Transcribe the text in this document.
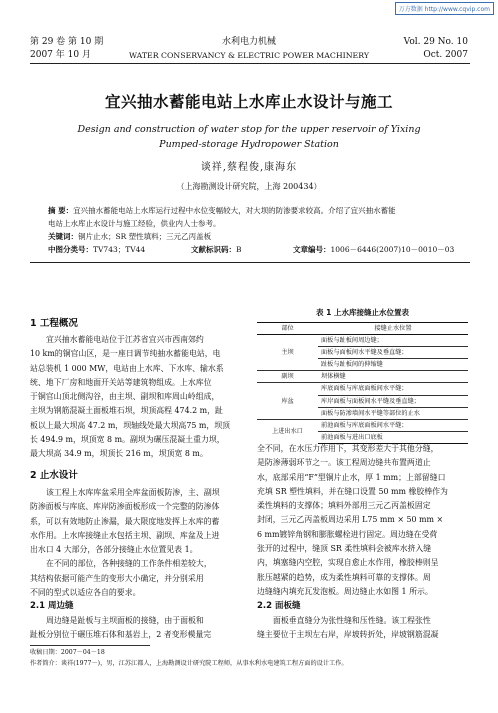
万方数据 http://www.cqvip.com
第 29 卷 第 10 期
2007 年 10 月
水利电力机械
WATER CONSERVANCY & ELECTRIC POWER MACHINERY
Vol. 29 No. 10
Oct. 2007
宜兴抽水蓄能电站上水库止水设计与施工
Design and construction of water stop for the upper reservoir of Yixing
Pumped-storage Hydropower Station
谈祥,蔡程俊,康海东
（上海勘测设计研究院，上海 200434）
摘 要：宜兴抽水蓄能电站上水库运行过程中水位变幅较大，对大坝的防渗要求较高。介绍了宜兴抽水蓄能
电站上水库止水设计与施工经验，供业内人士参考。
关键词：铜片止水；SR 塑性填料；三元乙丙盖板
中图分类号：TV743；TV44	文献标识码：B	文章编号：1006－6446(2007)10－0010－03
1 工程概况

宜兴抽水蓄能电站位于江苏省宜兴市西南郊约

10 km的铜官山区，是一座日调节纯抽水蓄能电站，电

站总装机 1 000 MW，电站由上水库、下水库、输水系

统、地下厂房和地面开关站等建筑物组成。上水库位

于铜官山顶北侧沟谷，由主坝、副坝和库周山岭组成，

主坝为钢筋混凝土面板堆石坝，坝顶高程 474.2 m，趾

板以上最大坝高 47.2 m，坝轴线处最大坝高75 m，坝顶

长 494.9 m，坝顶宽 8 m。副坝为碾压混凝土重力坝，

最大坝高 34.9 m，坝顶长 216 m，坝顶宽 8 m。

2 止水设计

该工程上水库库盆采用全库盆面板防渗，主、副坝

防渗面板与库底、库岸防渗面板形成一个完整的防渗体

系，可以有效地防止渗漏，最大限度地发挥上水库的蓄

水作用。上水库接缝止水包括主坝、副坝、库盆及上进

出水口 4 大部分，各部分接缝止水位置见表 1。

在不同的部位，各种接缝的工作条件相差较大，

其结构依据可能产生的变形大小确定，并分别采用

不同的型式以适应各自的要求。

2.1 周边缝

周边缝是趾板与主坝面板的接缝，由于面板和

趾板分别位于碾压堆石体和基岩上，2 者变形模量完

表 1 上水库接缝止水位置表
部位	接缝止水位置
主坝	面板与趾板间周边缝；
	面板与面板间水平缝及垂直缝；
	趾板与趾板间的伸缩缝
副坝	坝体横缝
库盆	库底面板与库底面板间水平缝；
	库岸面板与面板间水平缝及垂直缝；
	面板与防渗墙间水平缝等部位的止水
上进出水口	前池面板与库底面板间水平缝；
	前池面板与进出口底板

全不同，在水压力作用下，其变形差大于其他分缝，

是防渗薄弱环节之一。该工程周边缝共布置两道止

水，底部采用“F”型铜片止水，厚 1 mm；上部留缝口

充填 SR 塑性填料，并在缝口设置 50 mm 橡胶棒作为

柔性填料的支撑体；填料外部用三元乙丙盖板固定

封闭，三元乙丙盖板周边采用 L75 mm × 50 mm ×

6 mm镀锌角钢和膨胀螺栓进行固定。周边缝在受荷

张开的过程中，缝顶 SR 柔性填料会被库水挤入缝

内，填塞缝内空腔，实现自愈止水作用，橡胶棒则呈

胀压越紧的趋势，成为柔性填料可靠的支撑体。周

边缝缝内填充瓦发泡板。周边缝止水如图 1 所示。

2.2 面板缝

面板垂直缝分为张性缝和压性缝。该工程张性

缝主要位于主坝左右岸，岸坡转折处，岸坡钢筋混凝

收稿日期：2007－04－18
作者简介：谈祥(1977－)，男，江苏江都人，上海勘测设计研究院工程师，从事水利水电建筑工程方面的设计工作。
